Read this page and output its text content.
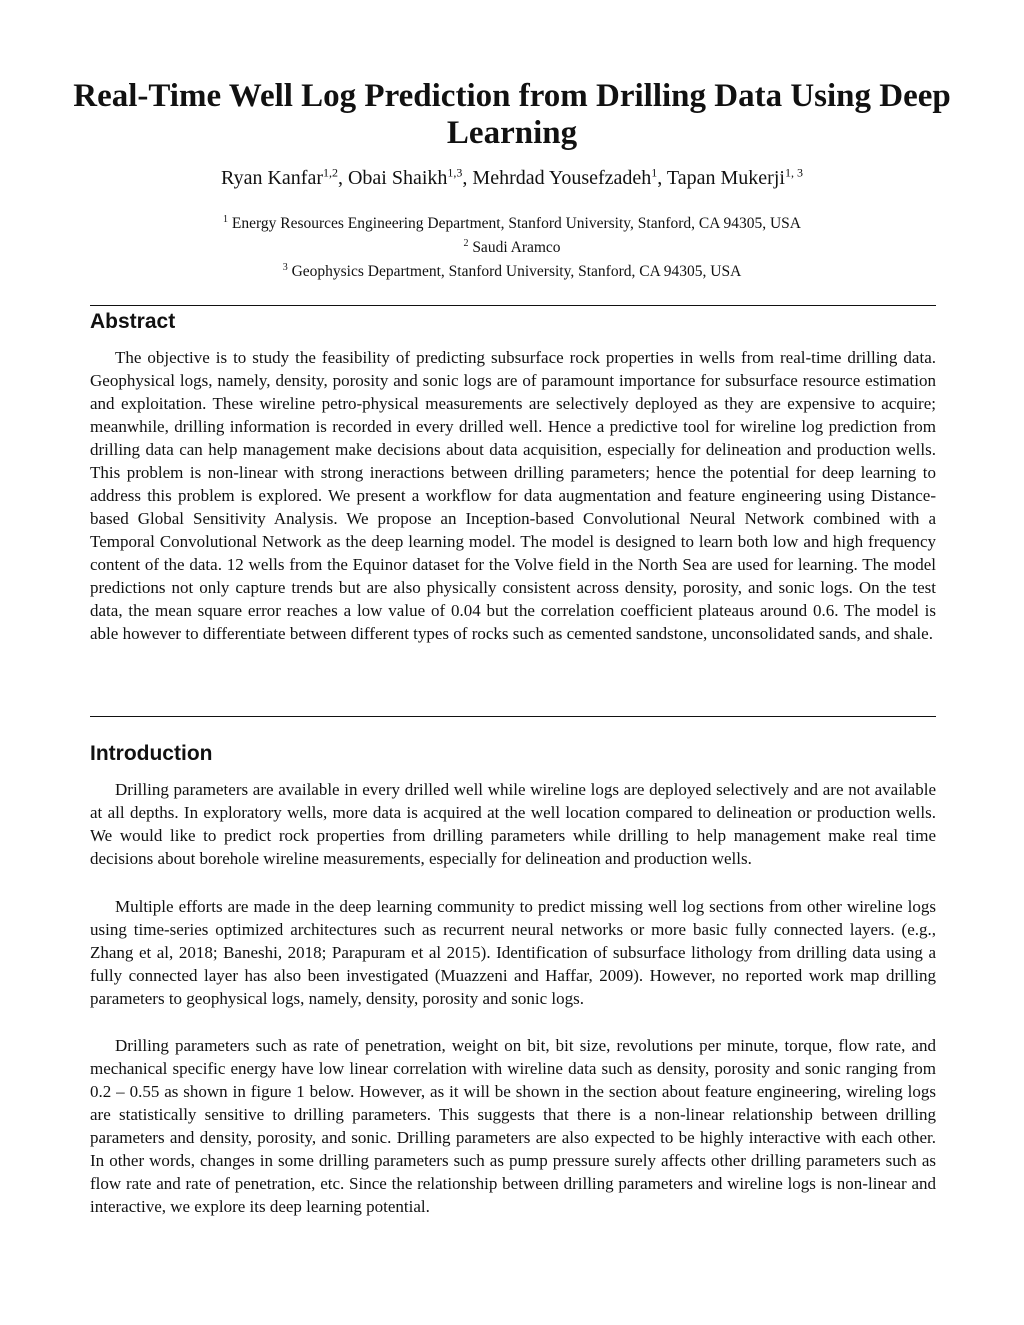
Real-Time Well Log Prediction from Drilling Data Using Deep Learning
Ryan Kanfar$^{1,2}$, Obai Shaikh$^{1,3}$, Mehrdad Yousefzadeh$^1$, Tapan Mukerji$^{1, 3}$
$^1$ Energy Resources Engineering Department, Stanford University, Stanford, CA 94305, USA
$^2$ Saudi Aramco
$^3$ Geophysics Department, Stanford University, Stanford, CA 94305, USA
Abstract

The objective is to study the feasibility of predicting subsurface rock properties in wells from real-time drilling data. Geophysical logs, namely, density, porosity and sonic logs are of paramount importance for subsurface resource estimation and exploitation. These wireline petro-physical measurements are selectively deployed as they are expensive to acquire; meanwhile, drilling information is recorded in every drilled well. Hence a predictive tool for wireline log prediction from drilling data can help management make decisions about data acquisition, especially for delineation and production wells. This problem is non-linear with strong ineractions between drilling parameters; hence the potential for deep learning to address this problem is explored. We present a workflow for data augmentation and feature engineering using Distance-based Global Sensitivity Analysis. We propose an Inception-based Convolutional Neural Network combined with a Temporal Convolutional Network as the deep learning model. The model is designed to learn both low and high frequency content of the data. 12 wells from the Equinor dataset for the Volve field in the North Sea are used for learning. The model predictions not only capture trends but are also physically consistent across density, porosity, and sonic logs. On the test data, the mean square error reaches a low value of 0.04 but the correlation coefficient plateaus around 0.6. The model is able however to differentiate between different types of rocks such as cemented sandstone, unconsolidated sands, and shale.

Introduction

Drilling parameters are available in every drilled well while wireline logs are deployed selectively and are not available at all depths. In exploratory wells, more data is acquired at the well location compared to delineation or production wells. We would like to predict rock properties from drilling parameters while drilling to help management make real time decisions about borehole wireline measurements, especially for delineation and production wells.

Multiple efforts are made in the deep learning community to predict missing well log sections from other wireline logs using time-series optimized architectures such as recurrent neural networks or more basic fully connected layers. (e.g., Zhang et al, 2018; Baneshi, 2018; Parapuram et al 2015). Identification of subsurface lithology from drilling data using a fully connected layer has also been investigated (Muazzeni and Haffar, 2009). However, no reported work map drilling parameters to geophysical logs, namely, density, porosity and sonic logs.

Drilling parameters such as rate of penetration, weight on bit, bit size, revolutions per minute, torque, flow rate, and mechanical specific energy have low linear correlation with wireline data such as density, porosity and sonic ranging from 0.2 – 0.55 as shown in figure 1 below. However, as it will be shown in the section about feature engineering, wireling logs are statistically sensitive to drilling parameters. This suggests that there is a non-linear relationship between drilling parameters and density, porosity, and sonic. Drilling parameters are also expected to be highly interactive with each other. In other words, changes in some drilling parameters such as pump pressure surely affects other drilling parameters such as flow rate and rate of penetration, etc. Since the relationship between drilling parameters and wireline logs is non-linear and interactive, we explore its deep learning potential.
